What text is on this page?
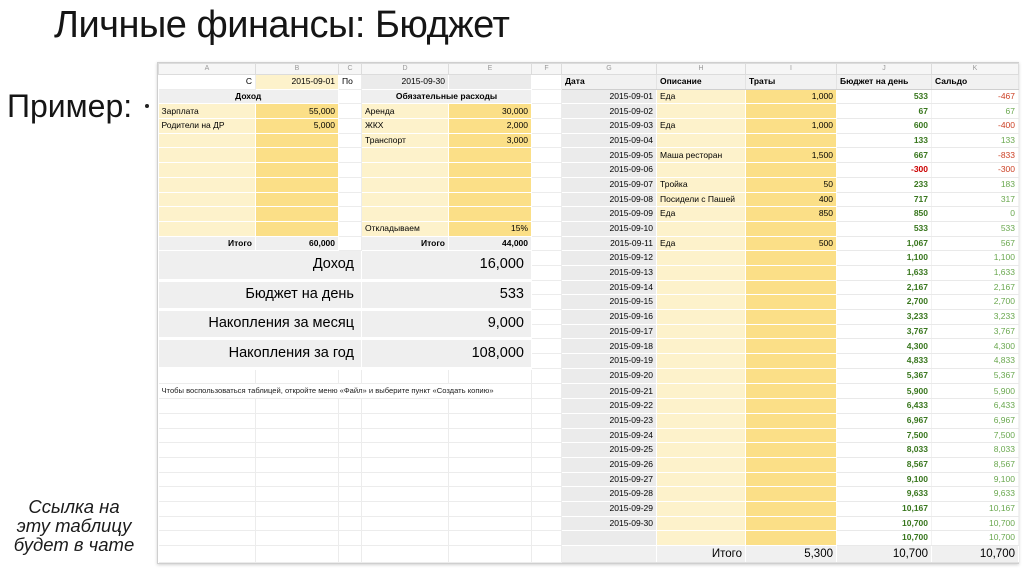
Личные финансы: Бюджет
Пример:
Ссылка на
эту таблицу
будет в чате
A	B	C	D	E	F	G	H	I	J	K
С	2015-09-01	По	2015-09-30			Дата	Описание	Траты	Бюджет на день	Сальдо
Доход			Обязательные расходы			2015-09-01	Еда	1,000	533	-467
Зарплата	55,000		Аренда	30,000		2015-09-02			67	67
Родители на ДР	5,000		ЖКХ	2,000		2015-09-03	Еда	1,000	600	-400
			Транспорт	3,000		2015-09-04			133	133
						2015-09-05	Маша ресторан	1,500	667	-833
						2015-09-06			-300	-300
						2015-09-07	Тройка	50	233	183
						2015-09-08	Посидели с Пашей	400	717	317
						2015-09-09	Еда	850	850	0
			Откладываем	15%		2015-09-10			533	533
Итого	60,000		Итого	44,000		2015-09-11	Еда	500	1,067	567
Доход			16,000			2015-09-12			1,100	1,100
						2015-09-13			1,633	1,633
Бюджет на день			533			2015-09-14			2,167	2,167
						2015-09-15			2,700	2,700
Накопления за месяц			9,000			2015-09-16			3,233	3,233
						2015-09-17			3,767	3,767
Накопления за год			108,000			2015-09-18			4,300	4,300
						2015-09-19			4,833	4,833
						2015-09-20			5,367	5,367
Чтобы воспользоваться таблицей, откройте меню «Файл» и выберите пункт «Создать копию»						2015-09-21			5,900	5,900
						2015-09-22			6,433	6,433
						2015-09-23			6,967	6,967
						2015-09-24			7,500	7,500
						2015-09-25			8,033	8,033
						2015-09-26			8,567	8,567
						2015-09-27			9,100	9,100
						2015-09-28			9,633	9,633
						2015-09-29			10,167	10,167
						2015-09-30			10,700	10,700
									10,700	10,700
							Итого	5,300	10,700	10,700
